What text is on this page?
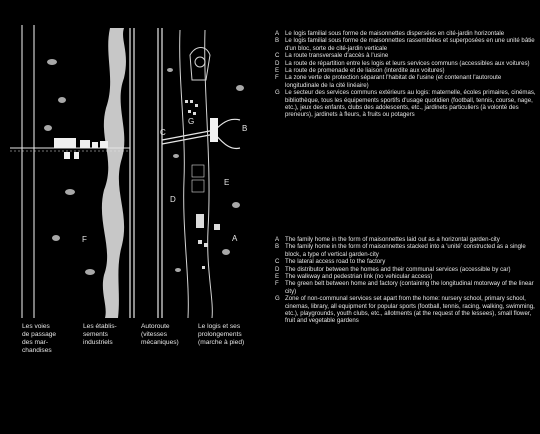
B
C
D
E
F
G
A
A Le logis familial sous forme de maisonnettes dispersées en cité-jardin horizontale
B Le logis familial sous forme de maisonnettes rassemblées et superposées en une unité bâtie d'un bloc, sorte de cité-jardin verticale
C La route transversale d'accès à l'usine
D La route de répartition entre les logis et leurs services communs (accessibles aux voitures)
E La route de promenade et de liaison (interdite aux voitures)
F	La zone verte de protection séparant l'habitat de l'usine (et contenant l'autoroute longitudinale de la cité linéaire)
G Le secteur des services communs extérieurs au logis: maternelle, écoles primaires, cinémas, bibliothèque, tous les équipements sportifs d'usage quotidien (football, tennis, course, nage, etc.), jeux des enfants, clubs des adolescents, etc., jardinets particuliers (à volonté des preneurs), jardinets à fleurs, à fruits ou potagers
A The family home in the form of maisonnettes laid out as a horizontal garden-city
B The family home in the form of maisonnettes stacked into a 'unité' constructed as a single block, a type of vertical garden-city
C The lateral access road to the factory
D The distributor between the homes and their communal services (accessible by car)
E The walkway and pedestrian link (no vehicular access)
F	The green belt between home and factory (containing the longitudinal motorway of the linear city)
G Zone of non-communal services set apart from the home: nursery school, primary school, cinemas, library, all equipment for popular sports (football, tennis, racing, walking, swimming, etc.), playgrounds, youth clubs, etc., allotments (at the request of the lessees), small flower, fruit and vegetable gardens
Les voies
de passage
des mar-
chandises
Les établis-
sements
industriels
Autoroute
(vitesses
mécaniques)
Le logis et ses
prolongements
(marche à pied)
